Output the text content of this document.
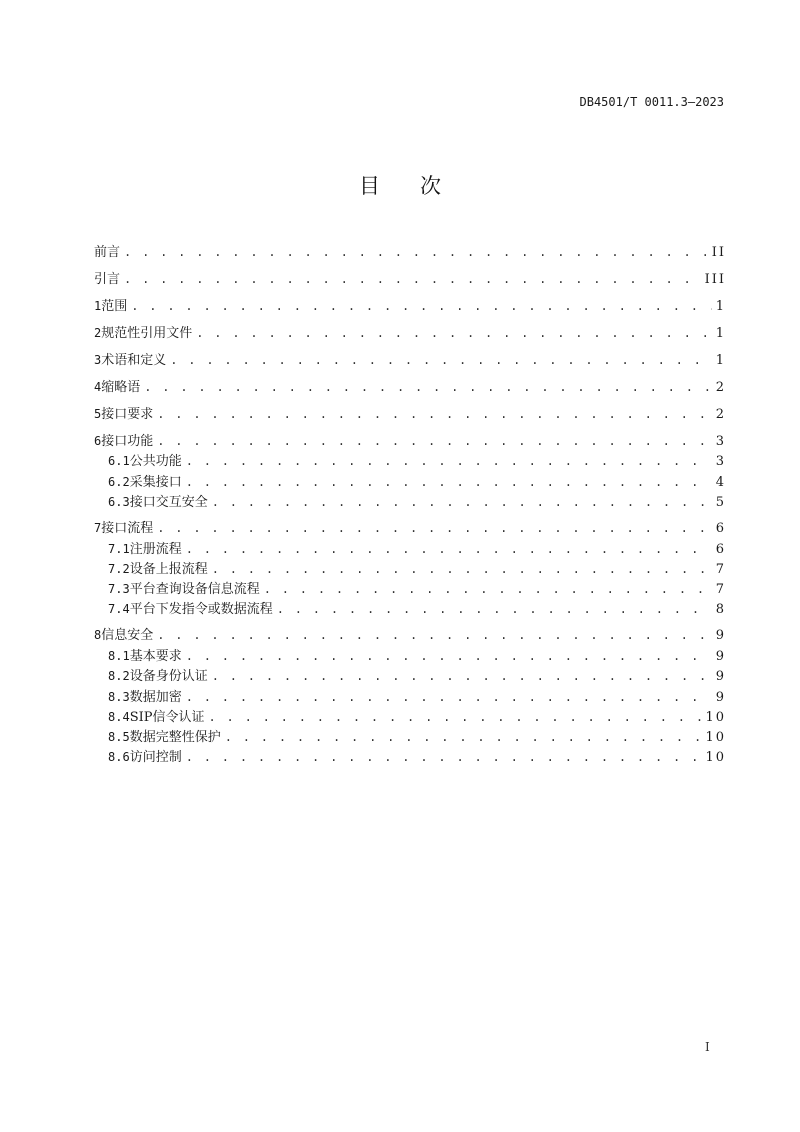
DB4501/T 0011.3—2023
目次
前言 . . .	II
引言 . . .	III
1 范围 . . .	1
2 规范性引用文件 . . .	1
3 术语和定义 . . .	1
4 缩略语 . . .	2
5 接口要求 . . .	2
6 接口功能 . . .	3
6.1 公共功能 . . .	3
6.2 采集接口 . . .	4
6.3 接口交互安全 . . .	5
7 接口流程 . . .	6
7.1 注册流程 . . .	6
7.2 设备上报流程 . . .	7
7.3 平台查询设备信息流程 . . .	7
7.4 平台下发指令或数据流程 . . .	8
8 信息安全 . . .	9
8.1 基本要求 . . .	9
8.2 设备身份认证 . . .	9
8.3 数据加密 . . .	9
8.4 SIP信令认证 . . .	10
8.5 数据完整性保护 . . .	10
8.6 访问控制 . . .	10
I
